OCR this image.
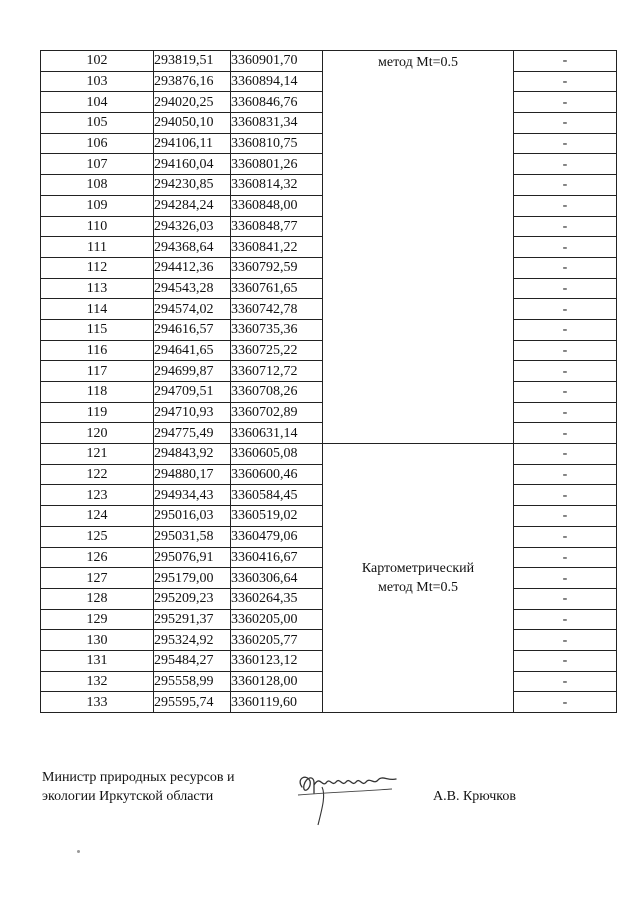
102	293819,51	3360901,70	метод Mt=0.5	-
103	293876,16	3360894,14		-
104	294020,25	3360846,76		-
105	294050,10	3360831,34		-
106	294106,11	3360810,75		-
107	294160,04	3360801,26		-
108	294230,85	3360814,32		-
109	294284,24	3360848,00		-
110	294326,03	3360848,77		-
111	294368,64	3360841,22		-
112	294412,36	3360792,59		-
113	294543,28	3360761,65		-
114	294574,02	3360742,78		-
115	294616,57	3360735,36		-
116	294641,65	3360725,22		-
117	294699,87	3360712,72		-
118	294709,51	3360708,26		-
119	294710,93	3360702,89		-
120	294775,49	3360631,14		-
121	294843,92	3360605,08	Картометрический
метод Mt=0.5	-
122	294880,17	3360600,46		-
123	294934,43	3360584,45		-
124	295016,03	3360519,02		-
125	295031,58	3360479,06		-
126	295076,91	3360416,67		-
127	295179,00	3360306,64		-
128	295209,23	3360264,35		-
129	295291,37	3360205,00		-
130	295324,92	3360205,77		-
131	295484,27	3360123,12		-
132	295558,99	3360128,00		-
133	295595,74	3360119,60		-
Министр природных ресурсов и
экологии Иркутской области	А.В. Крючков
